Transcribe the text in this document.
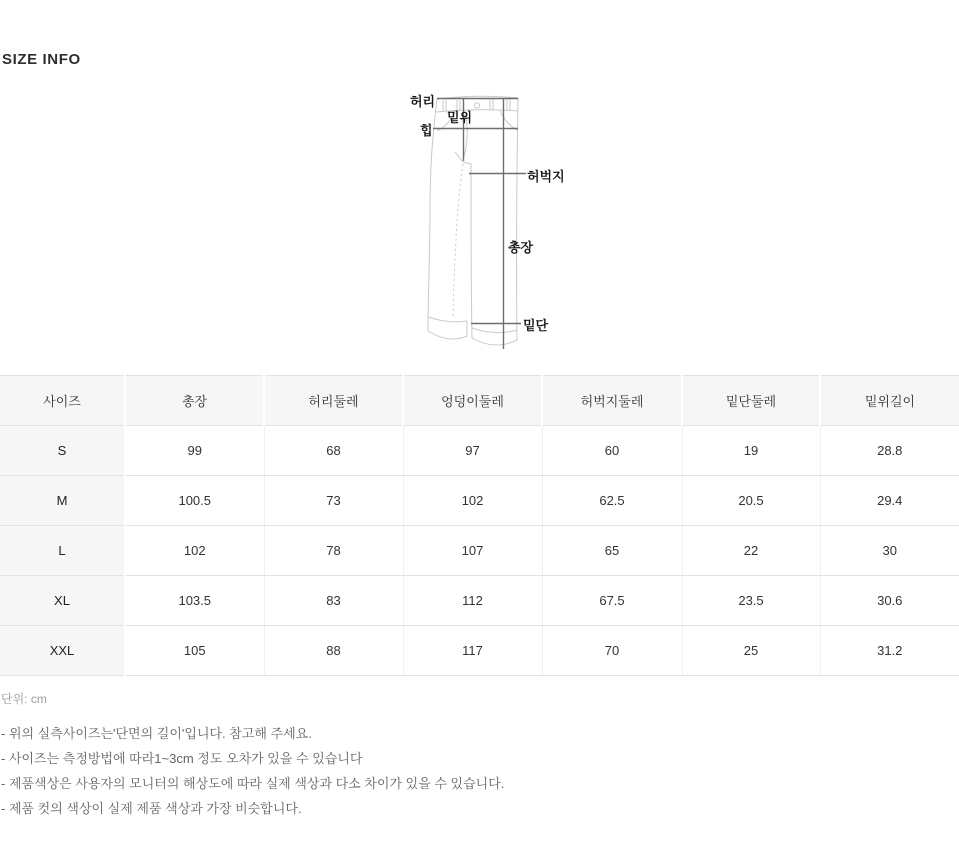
SIZE INFO
허리
힙
밑위
허벅지
총장
밑단
사이즈	총장	허리둘레	엉덩이둘레	허벅지둘레	밑단둘레	밑위길이
S	99	68	97	60	19	28.8
M	100.5	73	102	62.5	20.5	29.4
L	102	78	107	65	22	30
XL	103.5	83	112	67.5	23.5	30.6
XXL	105	88	117	70	25	31.2
단위: cm

- 위의 실측사이즈는'단면의 길이'입니다. 참고해 주세요.

- 사이즈는 측정방법에 따라1~3cm 정도 오차가 있을 수 있습니다

- 제품색상은 사용자의 모니터의 해상도에 따라 실제 색상과 다소 차이가 있을 수 있습니다.

- 제품 컷의 색상이 실제 제품 색상과 가장 비슷합니다.
